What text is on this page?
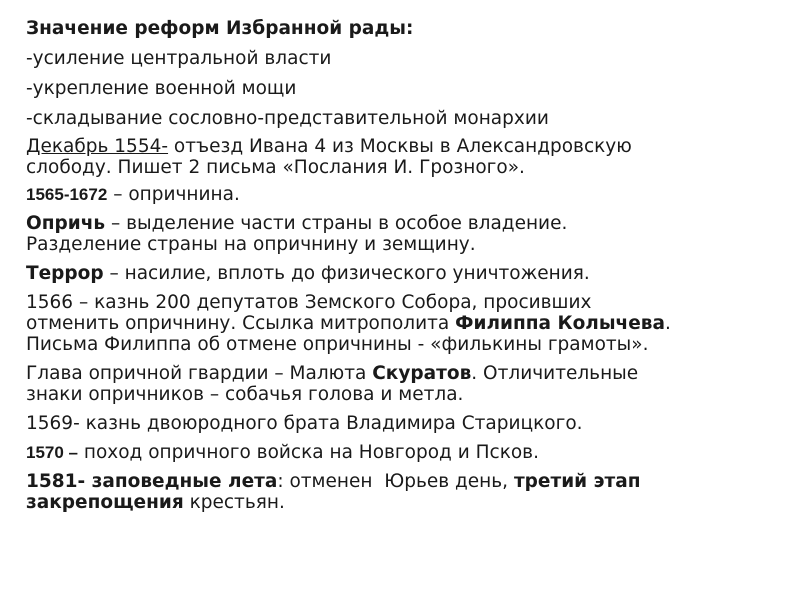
Значение реформ Избранной рады:

-усиление центральной власти

-укрепление военной мощи

-складывание сословно-представительной монархии

Декабрь 1554- отъезд Ивана 4 из Москвы в Александровскую

слободу. Пишет 2 письма «Послания И. Грозного».

1565-1672 – опричнина.

Опричь – выделение части страны в особое владение.

Разделение страны на опричнину и земщину.

Террор – насилие, вплоть до физического уничтожения.

1566 – казнь 200 депутатов Земского Собора, просивших

отменить опричнину. Ссылка митрополита Филиппа Колычева.

Письма Филиппа об отмене опричнины - «филькины грамоты».

Глава опричной гвардии – Малюта Скуратов. Отличительные

знаки опричников – собачья голова и метла.

1569- казнь двоюродного брата Владимира Старицкого.

1570 – поход опричного войска на Новгород и Псков.

1581- заповедные лета: отменен  Юрьев день, третий этап

закрепощения крестьян.
